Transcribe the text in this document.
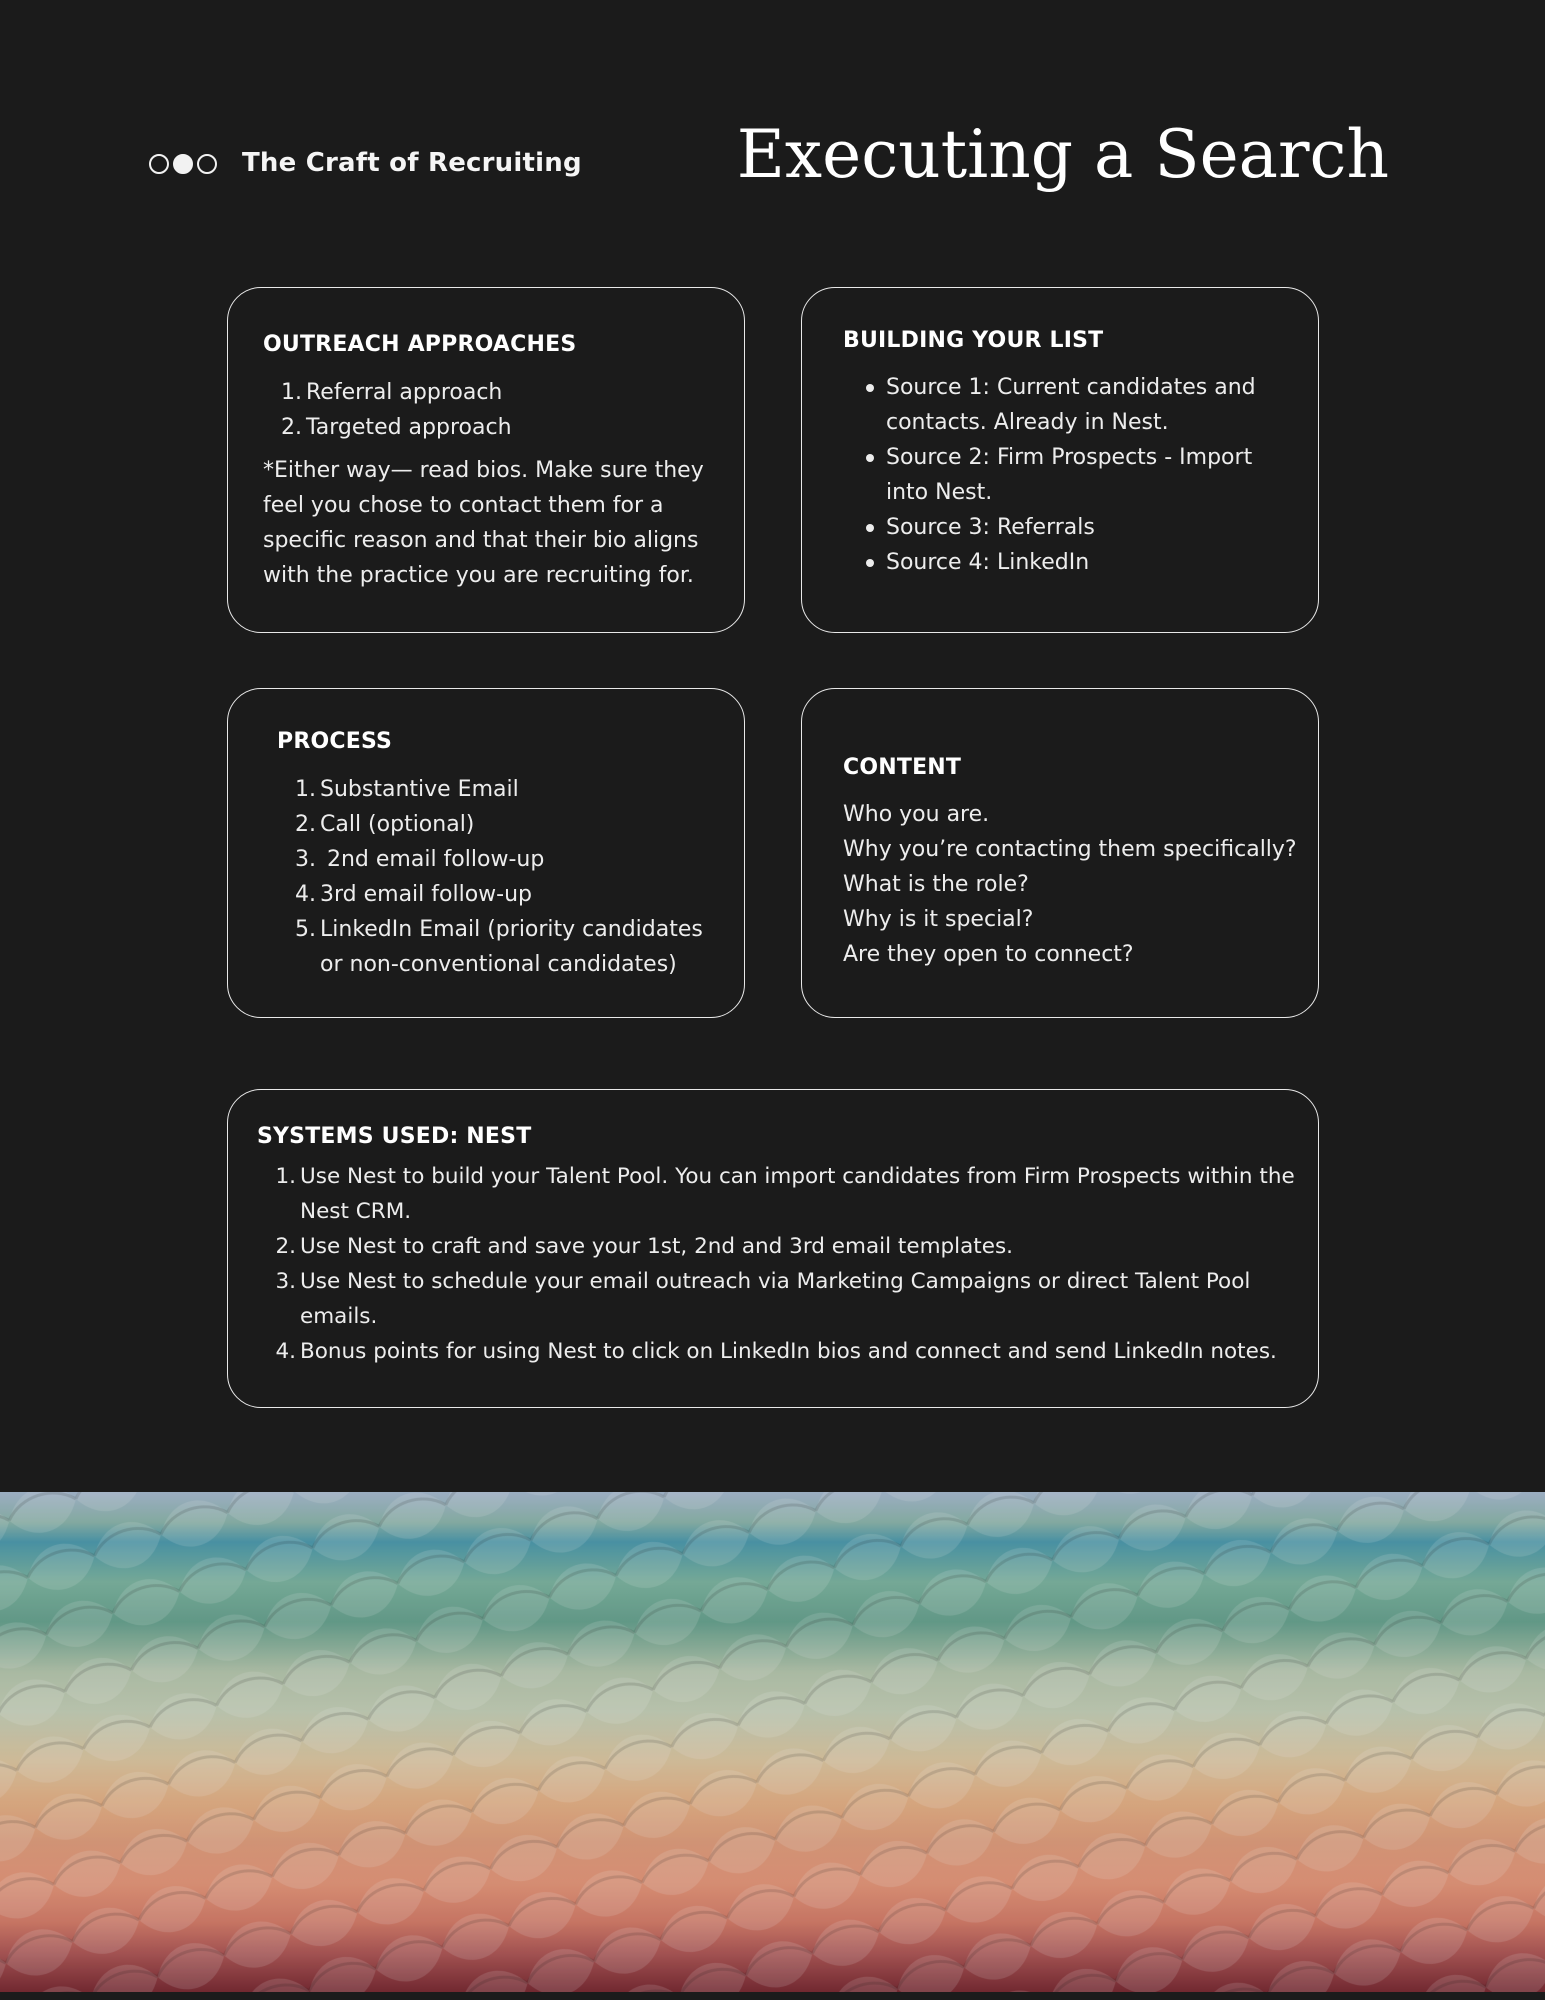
The Craft of Recruiting Executing a Search
OUTREACH APPROACHES
1. Referral approach
2. Targeted approach
*Either way— read bios. Make sure they feel you chose to contact them for a specific reason and that their bio aligns with the practice you are recruiting for.
BUILDING YOUR LIST
Source 1: Current candidates and contacts. Already in Nest.
Source 2: Firm Prospects - Import into Nest.
Source 3: Referrals
Source 4: LinkedIn
PROCESS
1. Substantive Email
2. Call (optional)
3. 2nd email follow-up
4. 3rd email follow-up
5. LinkedIn Email (priority candidates or non-conventional candidates)
CONTENT
Who you are.
Why you’re contacting them specifically?
What is the role?
Why is it special?
Are they open to connect?
SYSTEMS USED: NEST
1. Use Nest to build your Talent Pool. You can import candidates from Firm Prospects within the Nest CRM.
2. Use Nest to craft and save your 1st, 2nd and 3rd email templates.
3. Use Nest to schedule your email outreach via Marketing Campaigns or direct Talent Pool emails.
4. Bonus points for using Nest to click on LinkedIn bios and connect and send LinkedIn notes.
